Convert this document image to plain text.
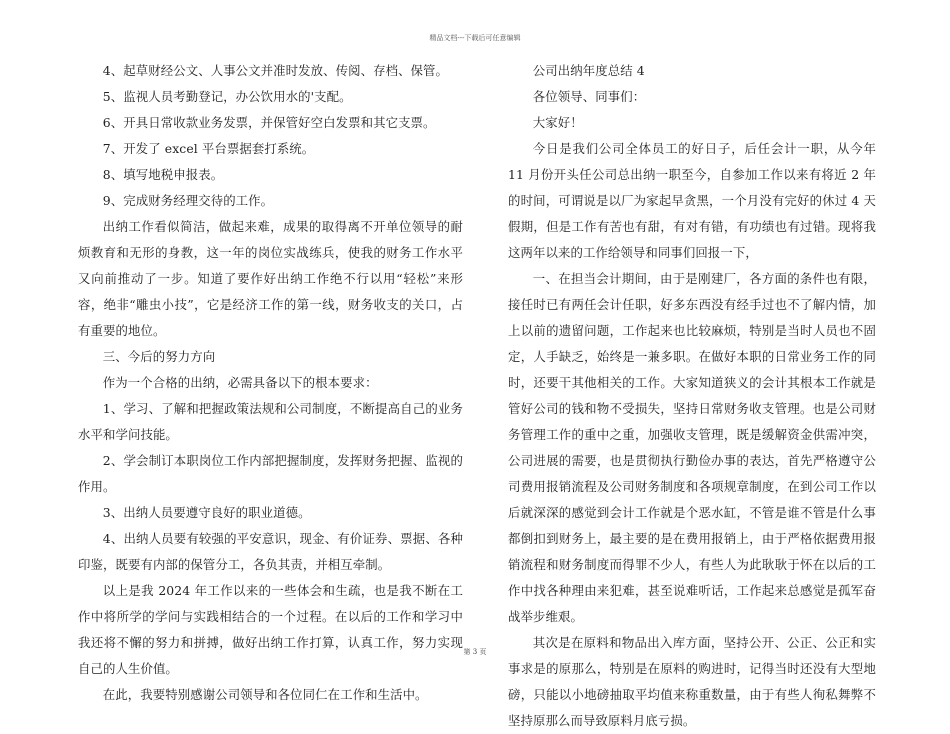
精品文档---下载后可任意编辑

4、起草财经公文、人事公文并准时发放、传阅、存档、保管。

5、监视人员考勤登记，办公饮用水的'支配。

6、开具日常收款业务发票，并保管好空白发票和其它支票。

7、开发了 excel 平台票据套打系统。

8、填写地税申报表。

9、完成财务经理交待的工作。

出纳工作看似简洁，做起来难，成果的取得离不开单位领导的耐烦教育和无形的身教，这一年的岗位实战练兵，使我的财务工作水平又向前推动了一步。知道了要作好出纳工作绝不行以用“轻松”来形容，绝非“雕虫小技”，它是经济工作的第一线，财务收支的关口，占有重要的地位。

三、今后的努力方向

作为一个合格的出纳，必需具备以下的根本要求：

1、学习、了解和把握政策法规和公司制度，不断提高自己的业务水平和学问技能。

2、学会制订本职岗位工作内部把握制度，发挥财务把握、监视的作用。

3、出纳人员要遵守良好的职业道德。

4、出纳人员要有较强的平安意识，现金、有价证券、票据、各种印鉴，既要有内部的保管分工，各负其责，并相互牵制。

以上是我 2024 年工作以来的一些体会和生疏，也是我不断在工作中将所学的学问与实践相结合的一个过程。在以后的工作和学习中我还将不懈的努力和拼搏，做好出纳工作打算，认真工作，努力实现自己的人生价值。

在此，我要特别感谢公司领导和各位同仁在工作和生活中。

公司出纳年度总结 4

各位领导、同事们：

大家好！

今日是我们公司全体员工的好日子，后任会计一职，从今年 11 月份开头任公司总出纳一职至今，自参加工作以来有将近 2 年的时间，可谓说是以厂为家起早贪黑，一个月没有完好的休过 4 天假期，但是工作有苦也有甜，有对有错，有功绩也有过错。现将我这两年以来的工作给领导和同事们回报一下，

一、在担当会计期间，由于是刚建厂，各方面的条件也有限，接任时已有两任会计任职，好多东西没有经手过也不了解内情，加上以前的遗留问题，工作起来也比较麻烦，特别是当时人员也不固定，人手缺乏，始终是一兼多职。在做好本职的日常业务工作的同时，还要干其他相关的工作。大家知道狭义的会计其根本工作就是管好公司的钱和物不受损失，坚持日常财务收支管理。也是公司财务管理工作的重中之重，加强收支管理，既是缓解资金供需冲突，公司进展的需要，也是贯彻执行勤俭办事的表达，首先严格遵守公司费用报销流程及公司财务制度和各项规章制度，在到公司工作以后就深深的感觉到会计工作就是个恶水缸，不管是谁不管是什么事都倒扣到财务上，最主要的是在费用报销上，由于严格依据费用报销流程和财务制度而得罪不少人，有些人为此耿耿于怀在以后的工作中找各种理由来犯难，甚至说难听话，工作起来总感觉是孤军奋战举步维艰。

其次是在原料和物品出入库方面，坚持公开、公正、公正和实事求是的原那么，特别是在原料的购进时，记得当时还没有大型地磅，只能以小地磅抽取平均值来称重数量，由于有些人徇私舞弊不坚持原那么而导致原料月底亏损。

第 3 页
